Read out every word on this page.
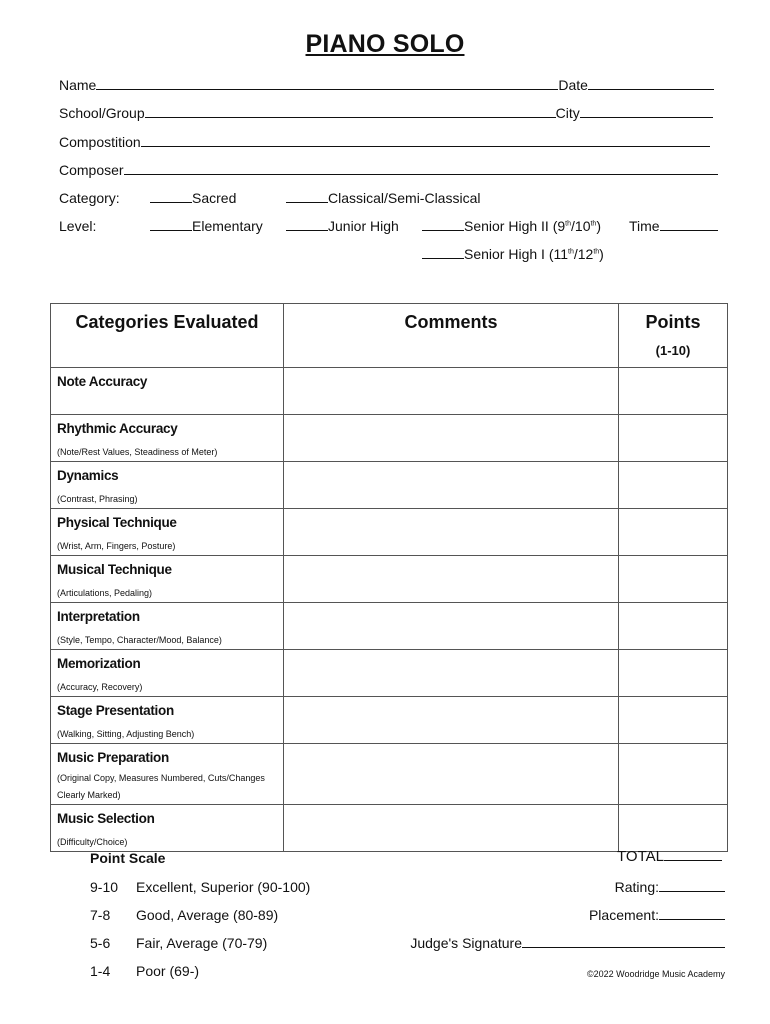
PIANO SOLO
Name	Date
School/Group	City
Compostition
Composer
Category:	Sacred	Classical/Semi-Classical
Level:	Elementary	Junior High	Senior High II (9th/10th) Time
Senior High I (11th/12th)
Categories Evaluated	Comments	Points
(1-10)

Note Accuracy		

Rhythmic Accuracy
(Note/Rest Values, Steadiness of Meter)		

Dynamics
(Contrast, Phrasing)		

Physical Technique
(Wrist, Arm, Fingers, Posture)		

Musical Technique
(Articulations, Pedaling)		

Interpretation
(Style, Tempo, Character/Mood, Balance)		

Memorization
(Accuracy, Recovery)		

Stage Presentation
(Walking, Sitting, Adjusting Bench)		

Music Preparation
(Original Copy, Measures Numbered, Cuts/Changes Clearly Marked)		

Music Selection
(Difficulty/Choice)		

Point Scale
9-10 Excellent, Superior (90-100)
7-8 Good, Average (80-89)
5-6 Fair, Average (70-79)
1-4 Poor (69-)
TOTAL
Rating:
Placement:
Judge's Signature
©2022 Woodridge Music Academy
